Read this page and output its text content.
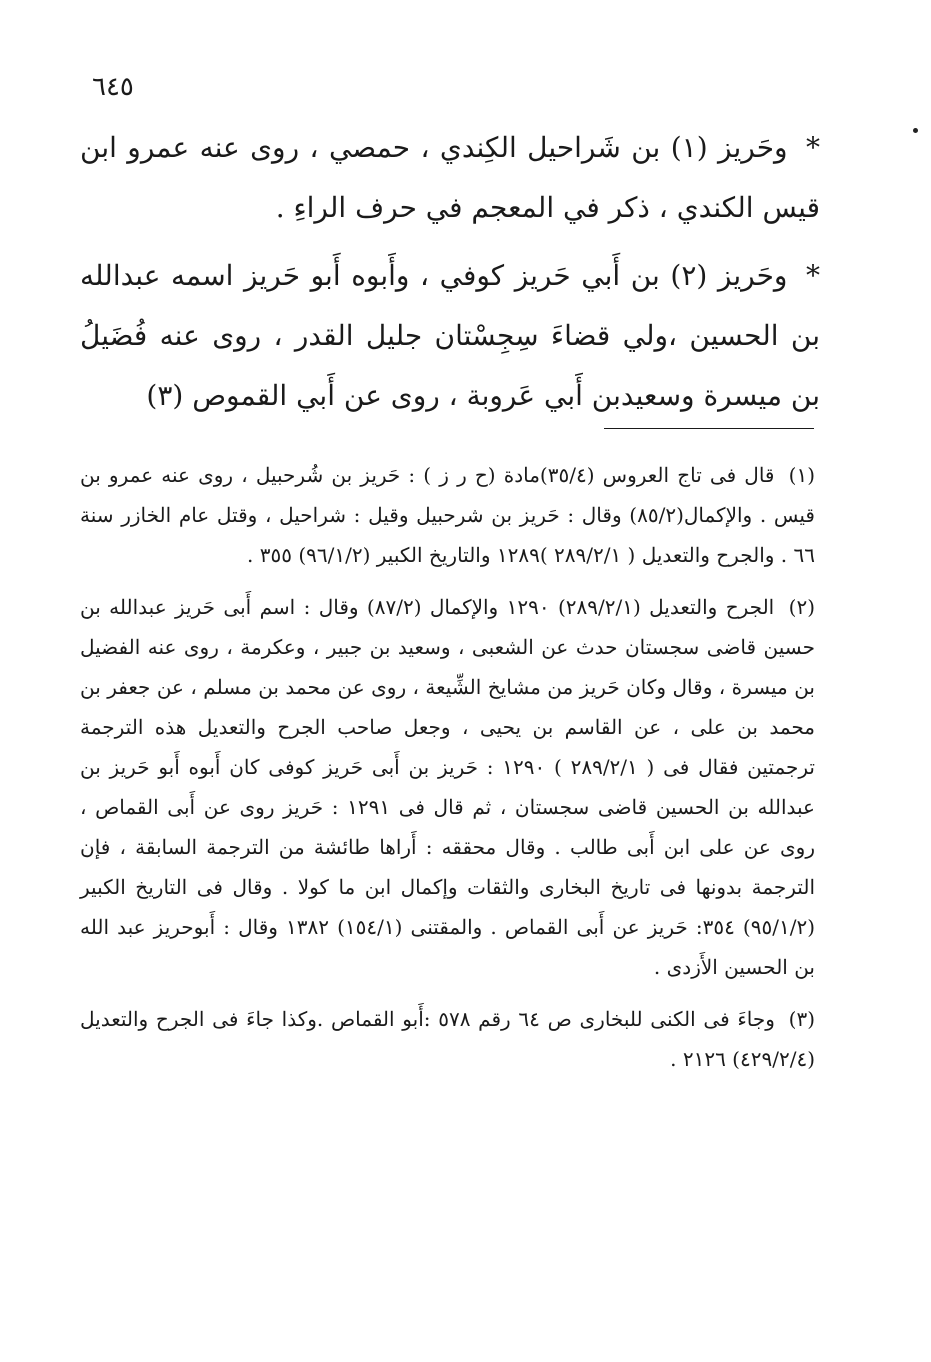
٦٤٥

* وحَريز (١) بن شَراحيل الكِندي ، حمصي ، روى عنه عمرو ابن قيس الكندي ، ذكر في المعجم في حرف الراءِ .

* وحَريز (٢) بن أَبي حَريز كوفي ، وأَبوه أَبو حَريز اسمه عبدالله بن الحسين ،ولي قضاءَ سِجِسْتان جليل القدر ، روى عنه فُضَيلُ بن ميسرة وسعيدبن أَبي عَروبة ، روى عن أَبي القموص (٣)

(١) قال فى تاج العروس (٣٥/٤)مادة (ح ر ز ) : حَريز بن شُرحبيل ، روى عنه عمرو بن قيس . والإكمال(٨٥/٢) وقال : حَريز بن شرحبيل وقيل : شراحيل ، وقتل عام الخازر سنة ٦٦ . والجرح والتعديل ( ٢٨٩/٢/١ )١٢٨٩ والتاريخ الكبير (٩٦/١/٢) ٣٥٥ .

(٢) الجرح والتعديل (٢٨٩/٢/١) ١٢٩٠ والإكمال (٨٧/٢) وقال : اسم أَبى حَريز عبدالله بن حسين قاضى سجستان حدث عن الشعبى ، وسعيد بن جبير ، وعكرمة ، روى عنه الفضيل بن ميسرة ، وقال وكان حَريز من مشايخ الشِّيعة ، روى عن محمد بن مسلم ، عن جعفر بن محمد بن على ، عن القاسم بن يحيى ، وجعل صاحب الجرح والتعديل هذه الترجمة ترجمتين فقال فى ( ٢٨٩/٢/١ ) ١٢٩٠ : حَريز بن أَبى حَريز كوفى كان أَبوه أَبو حَريز بن عبدالله بن الحسين قاضى سجستان ، ثم قال فى ١٢٩١ : حَريز روى عن أَبى القماص ، روى عن على ابن أَبى طالب . وقال محققه : أَراها طائشة من الترجمة السابقة ، فإن الترجمة بدونها فى تاريخ البخارى والثقات وإكمال ابن ما كولا . وقال فى التاريخ الكبير (٩٥/١/٢) ٣٥٤: حَريز عن أَبى القماص . والمقتنى (١٥٤/١) ١٣٨٢ وقال : أَبوحريز عبد الله بن الحسين الأَزدى .

(٣) وجاءَ فى الكنى للبخارى ص ٦٤ رقم ٥٧٨ :أَبو القماص .وكذا جاءَ فى الجرح والتعديل (٤٢٩/٢/٤) ٢١٢٦ .
